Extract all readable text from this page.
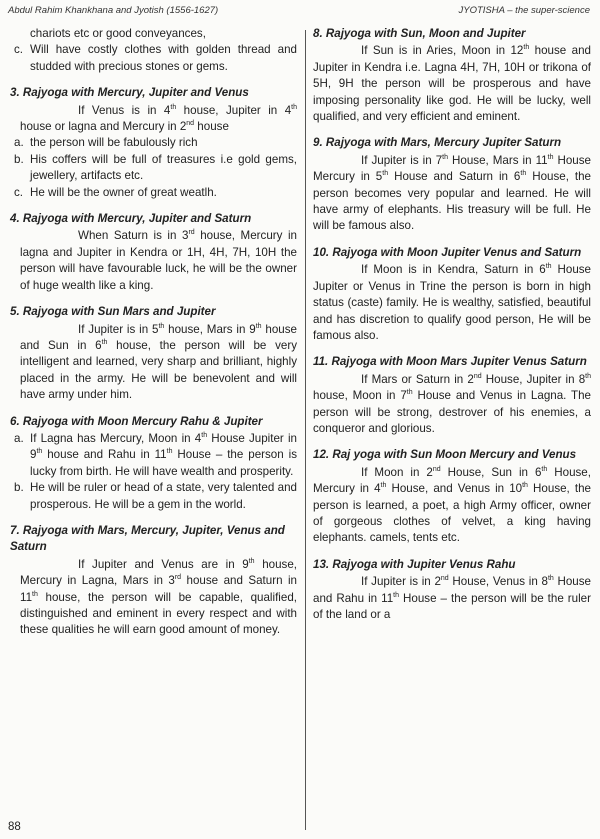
Abdul Rahim Khankhana and Jyotish (1556-1627)	JYOTISHA – the super-science
chariots etc or good conveyances,
c. Will have costly clothes with golden thread and studded with precious stones or gems.
3. Rajyoga with Mercury, Jupiter and Venus
If Venus is in 4th house, Jupiter in 4th house or lagna and Mercury in 2nd house
a. the person will be fabulously rich
b. His coffers will be full of treasures i.e gold gems, jewellery, artifacts etc.
c. He will be the owner of great weatlh.
4. Rajyoga with Mercury, Jupiter and Saturn
When Saturn is in 3rd house, Mercury in lagna and Jupiter in Kendra or 1H, 4H, 7H, 10H the person will have favourable luck, he will be the owner of huge wealth like a king.
5. Rajyoga with Sun Mars and Jupiter
If Jupiter is in 5th house, Mars in 9th house and Sun in 6th house, the person will be very intelligent and learned, very sharp and brilliant, highly placed in the army. He will be benevolent and will have army under him.
6. Rajyoga with Moon Mercury Rahu & Jupiter
a. If Lagna has Mercury, Moon in 4th House Jupiter in 9th house and Rahu in 11th House – the person is lucky from birth. He will have wealth and prosperity.
b. He will be ruler or head of a state, very talented and prosperous. He will be a gem in the world.
7. Rajyoga with Mars, Mercury, Jupiter, Venus and Saturn
If Jupiter and Venus are in 9th house, Mercury in Lagna, Mars in 3rd house and Saturn in 11th house, the person will be capable, qualified, distinguished and eminent in every respect and with these qualities he will earn good amount of money.
8. Rajyoga with Sun, Moon and Jupiter
If Sun is in Aries, Moon in 12th house and Jupiter in Kendra i.e. Lagna 4H, 7H, 10H or trikona of 5H, 9H the person will be prosperous and have imposing personality like god. He will be lucky, well qualified, and very efficient and eminent.
9. Rajyoga with Mars, Mercury Jupiter Saturn
If Jupiter is in 7th House, Mars in 11th House Mercury in 5th House and Saturn in 6th House, the person becomes very popular and learned. He will have army of elephants. His treasury will be full. He will be famous also.
10. Rajyoga with Moon Jupiter Venus and Saturn
If Moon is in Kendra, Saturn in 6th House Jupiter or Venus in Trine the person is born in high status (caste) family. He is wealthy, satisfied, beautiful and has discretion to qualify good person, He will be famous also.
11. Rajyoga with Moon Mars Jupiter Venus Saturn
If Mars or Saturn in 2nd House, Jupiter in 8th house, Moon in 7th House and Venus in Lagna. The person will be strong, destrover of his enemies, a conqueror and glorious.
12. Raj yoga with Sun Moon Mercury and Venus
If Moon in 2nd House, Sun in 6th House, Mercury in 4th House, and Venus in 10th House, the person is learned, a poet, a high Army officer, owner of gorgeous clothes of velvet, a king having elephants. camels, tents etc.
13. Rajyoga with Jupiter Venus Rahu
If Jupiter is in 2nd House, Venus in 8th House and Rahu in 11th House – the person will be the ruler of the land or a
88
